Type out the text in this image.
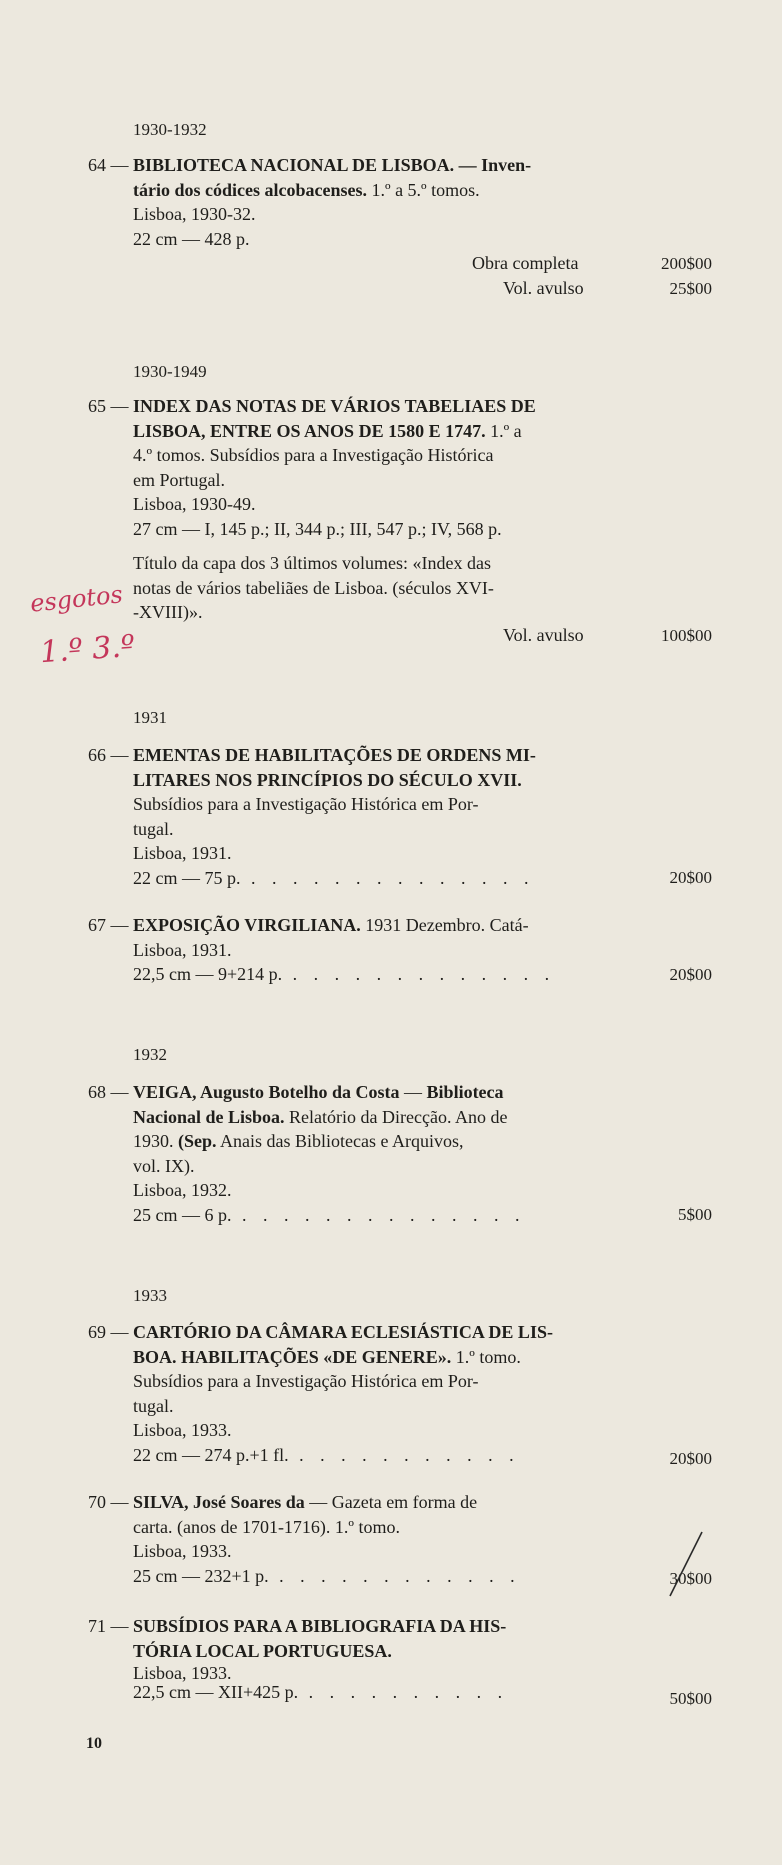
1930-1932
64 — BIBLIOTECA NACIONAL DE LISBOA. — Inven-
tário dos códices alcobacenses. 1.º a 5.º tomos.
Lisboa, 1930-32.
22 cm — 428 p.
Obra completa	200$00
Vol. avulso	25$00
1930-1949
65 — INDEX DAS NOTAS DE VÁRIOS TABELIAES DE
LISBOA, ENTRE OS ANOS DE 1580 E 1747. 1.º a
4.º tomos. Subsídios para a Investigação Histórica
em Portugal.
Lisboa, 1930-49.
27 cm — I, 145 p.; II, 344 p.; III, 547 p.; IV, 568 p.
Título da capa dos 3 últimos volumes: «Index das
notas de vários tabeliães de Lisboa. (séculos XVI-
-XVIII)».
Vol. avulso	100$00
esgotos
1.º 3.º
1931
66 — EMENTAS DE HABILITAÇÕES DE ORDENS MI-
LITARES NOS PRINCÍPIOS DO SÉCULO XVII.
Subsídios para a Investigação Histórica em Por-
tugal.
Lisboa, 1931.
22 cm — 75 p. . . . . . . . . . . . . . .	20$00
67 — EXPOSIÇÃO VIRGILIANA. 1931 Dezembro. Catá-
Lisboa, 1931.
22,5 cm — 9+214 p. . . . . . . . . . . . . .	20$00
1932
68 — VEIGA, Augusto Botelho da Costa — Biblioteca
Nacional de Lisboa. Relatório da Direcção. Ano de
1930. (Sep. Anais das Bibliotecas e Arquivos,
vol. IX).
Lisboa, 1932.
25 cm — 6 p. . . . . . . . . . . . . . .	5$00
1933
69 — CARTÓRIO DA CÂMARA ECLESIÁSTICA DE LIS-
BOA. HABILITAÇÕES «DE GENERE». 1.º tomo.
Subsídios para a Investigação Histórica em Por-
tugal.
Lisboa, 1933.
22 cm — 274 p.+1 fl. . . . . . . . . . . .	20$00
70 — SILVA, José Soares da — Gazeta em forma de
carta. (anos de 1701-1716). 1.º tomo.
Lisboa, 1933.
25 cm — 232+1 p. . . . . . . . . . . . .	30$00
71 — SUBSÍDIOS PARA A BIBLIOGRAFIA DA HIS-
TÓRIA LOCAL PORTUGUESA.
Lisboa, 1933.
22,5 cm — XII+425 p. . . . . . . . . . .	50$00
10
